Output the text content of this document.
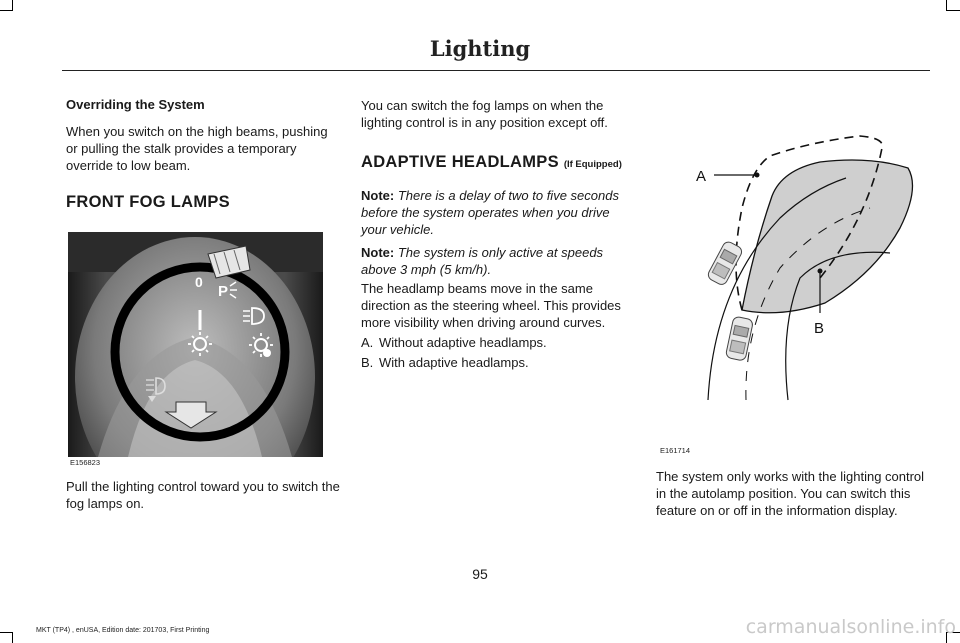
Lighting
Overriding the System
When you switch on the high beams, pushing or pulling the stalk provides a temporary override to low beam.
FRONT FOG LAMPS
0
P
E156823
Pull the lighting control toward you to switch the fog lamps on.
You can switch the fog lamps on when the lighting control is in any position except off.
ADAPTIVE HEADLAMPS (If Equipped)
Note: There is a delay of two to five seconds before the system operates when you drive your vehicle.
Note: The system is only active at speeds above 3 mph (5 km/h).
The headlamp beams move in the same direction as the steering wheel. This provides more visibility when driving around curves.
A. Without adaptive headlamps.
B. With adaptive headlamps.
A
B
E161714
The system only works with the lighting control in the autolamp position. You can switch this feature on or off in the information display.
95
MKT (TP4) , enUSA, Edition date: 201703, First Printing	carmanualsonline.info
